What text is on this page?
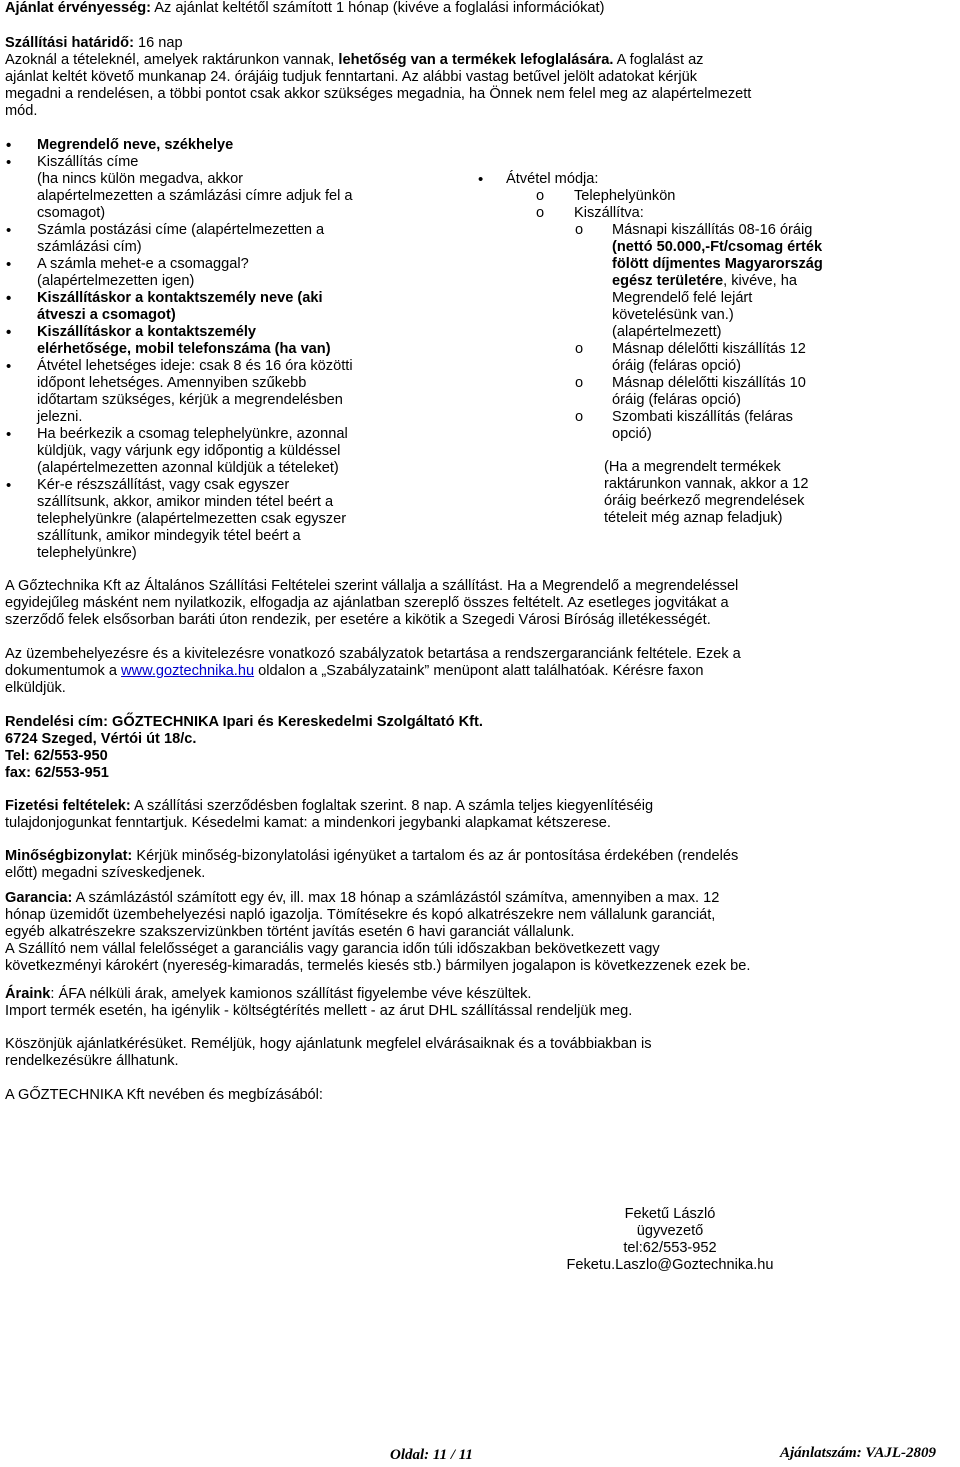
Ajánlat érvényesség: Az ajánlat keltétől számított 1 hónap (kivéve a foglalási információkat)
Szállítási határidő: 16 nap
Azoknál a tételeknél, amelyek raktárunkon vannak, lehetőség van a termékek lefoglalására. A foglalást az
ajánlat keltét követő munkanap 24. órájáig tudjuk fenntartani. Az alábbi vastag betűvel jelölt adatokat kérjük
megadni a rendelésen, a többi pontot csak akkor szükséges megadnia, ha Önnek nem felel meg az alapértelmezett
mód.
• Megrendelő neve, székhelye
• Kiszállítás címe
(ha nincs külön megadva, akkor
alapértelmezetten a számlázási címre adjuk fel a
csomagot)
• Számla postázási címe (alapértelmezetten a
számlázási cím)
• A számla mehet-e a csomaggal?
(alapértelmezetten igen)
• Kiszállításkor a kontaktszemély neve (aki
átveszi a csomagot)
• Kiszállításkor a kontaktszemély
elérhetősége, mobil telefonszáma (ha van)
• Átvétel lehetséges ideje: csak 8 és 16 óra közötti
időpont lehetséges. Amennyiben szűkebb
időtartam szükséges, kérjük a megrendelésben
jelezni.
• Ha beérkezik a csomag telephelyünkre, azonnal
küldjük, vagy várjunk egy időpontig a küldéssel
(alapértelmezetten azonnal küldjük a tételeket)
• Kér-e részszállítást, vagy csak egyszer
szállítsunk, akkor, amikor minden tétel beért a
telephelyünkre (alapértelmezetten csak egyszer
szállítunk, amikor mindegyik tétel beért a
telephelyünkre)
• Átvétel módja:
o Telephelyünkön
o Kiszállítva:
o Másnapi kiszállítás 08-16 óráig
(nettó 50.000,-Ft/csomag érték
fölött díjmentes Magyarország
egész területére, kivéve, ha
Megrendelő felé lejárt
követelésünk van.)
(alapértelmezett)
o Másnap délelőtti kiszállítás 12
óráig (feláras opció)
o Másnap délelőtti kiszállítás 10
óráig (feláras opció)
o Szombati kiszállítás (feláras
opció)
(Ha a megrendelt termékek
raktárunkon vannak, akkor a 12
óráig beérkező megrendelések
tételeit még aznap feladjuk)
A Gőztechnika Kft az Általános Szállítási Feltételei szerint vállalja a szállítást. Ha a Megrendelő a megrendeléssel
egyidejűleg másként nem nyilatkozik, elfogadja az ajánlatban szereplő összes feltételt. Az esetleges jogvitákat a
szerződő felek elsősorban baráti úton rendezik, per esetére a kikötik a Szegedi Városi Bíróság illetékességét.
Az üzembehelyezésre és a kivitelezésre vonatkozó szabályzatok betartása a rendszergaranciánk feltétele. Ezek a
dokumentumok a www.goztechnika.hu oldalon a „Szabályzataink” menüpont alatt találhatóak. Kérésre faxon
elküldjük.
Rendelési cím: GŐZTECHNIKA Ipari és Kereskedelmi Szolgáltató Kft.
6724 Szeged, Vértói út 18/c.
Tel: 62/553-950
fax: 62/553-951
Fizetési feltételek: A szállítási szerződésben foglaltak szerint. 8 nap. A számla teljes kiegyenlítéséig
tulajdonjogunkat fenntartjuk. Késedelmi kamat: a mindenkori jegybanki alapkamat kétszerese.
Minőségbizonylat: Kérjük minőség-bizonylatolási igényüket a tartalom és az ár pontosítása érdekében (rendelés
előtt) megadni szíveskedjenek.
Garancia: A számlázástól számított egy év, ill. max 18 hónap a számlázástól számítva, amennyiben a max. 12
hónap üzemidőt üzembehelyezési napló igazolja. Tömítésekre és kopó alkatrészekre nem vállalunk garanciát,
egyéb alkatrészekre szakszervizünkben történt javítás esetén 6 havi garanciát vállalunk.
A Szállító nem vállal felelősséget a garanciális vagy garancia időn túli időszakban bekövetkezett vagy
következményi károkért (nyereség-kimaradás, termelés kiesés stb.) bármilyen jogalapon is következzenek ezek be.
Áraink: ÁFA nélküli árak, amelyek kamionos szállítást figyelembe véve készültek.
Import termék esetén, ha igénylik - költségtérítés mellett - az árut DHL szállítással rendeljük meg.
Köszönjük ajánlatkérésüket. Reméljük, hogy ajánlatunk megfelel elvárásaiknak és a továbbiakban is
rendelkezésükre állhatunk.
A GŐZTECHNIKA Kft nevében és megbízásából:
Feketű László
ügyvezető
tel:62/553-952
Feketu.Laszlo@Goztechnika.hu
Oldal: 11 / 11	Ajánlatszám: VAJL-2809
